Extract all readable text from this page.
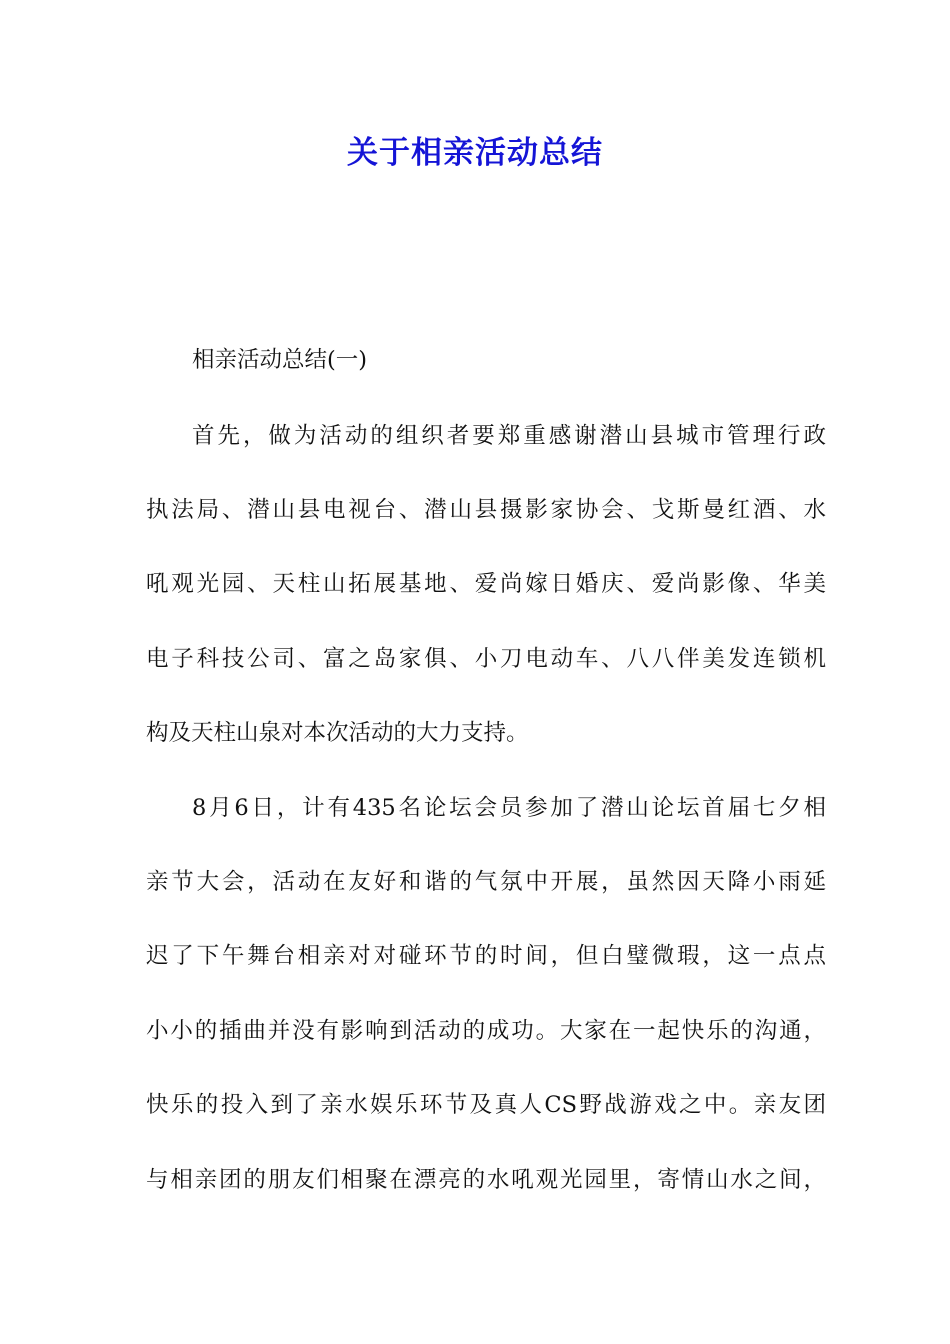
关于相亲活动总结
相亲活动总结(一)
首先，做为活动的组织者要郑重感谢潜山县城市管理行政
执法局、潜山县电视台、潜山县摄影家协会、戈斯曼红酒、水
吼观光园、天柱山拓展基地、爱尚嫁日婚庆、爱尚影像、华美
电子科技公司、富之岛家俱、小刀电动车、八八伴美发连锁机
构及天柱山泉对本次活动的大力支持。
8月6日，计有435名论坛会员参加了潜山论坛首届七夕相
亲节大会，活动在友好和谐的气氛中开展，虽然因天降小雨延
迟了下午舞台相亲对对碰环节的时间，但白璧微瑕，这一点点
小小的插曲并没有影响到活动的成功。大家在一起快乐的沟通，
快乐的投入到了亲水娱乐环节及真人CS野战游戏之中。亲友团
与相亲团的朋友们相聚在漂亮的水吼观光园里，寄情山水之间，
